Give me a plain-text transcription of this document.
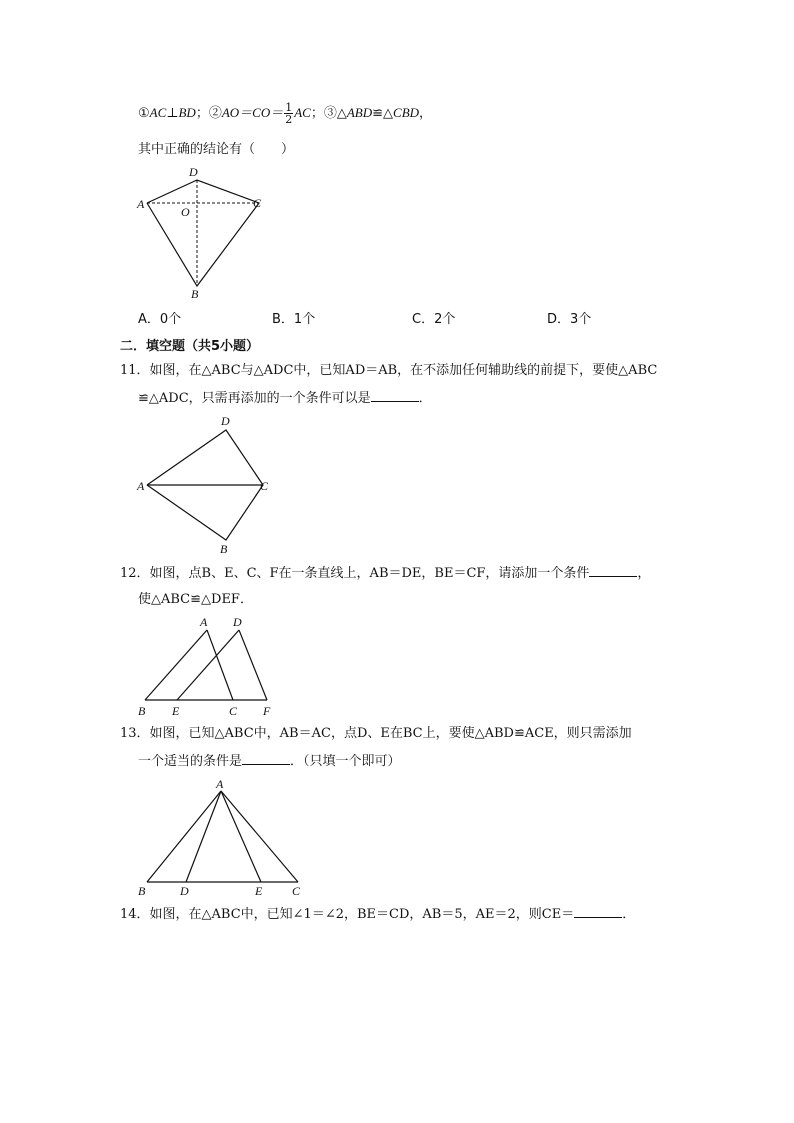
①AC⊥BD；②AO＝CO＝ $\frac{1}{2}$ AC；③△ABD≌△CBD，
其中正确的结论有（　　）
D
A
O
C
B
A．0个	B．1个	C．2个	D．3个
二．填空题（共5小题）
11．如图，在△ABC与△ADC中，已知AD＝AB，在不添加任何辅助线的前提下，要使△ABC
≌△ADC，只需再添加的一个条件可以是	．
D
A	C
B
12．如图，点B、E、C、F在一条直线上，AB＝DE，BE＝CF，请添加一个条件	，
使△ABC≌△DEF．
A D
B E	C F
13．如图，已知△ABC中，AB＝AC，点D、E在BC上，要使△ABD≌ACE，则只需添加
一个适当的条件是	．（只填一个即可）
A
B	D	E C
14．如图，在△ABC中，已知∠1＝∠2，BE＝CD，AB＝5，AE＝2，则CE＝	．
